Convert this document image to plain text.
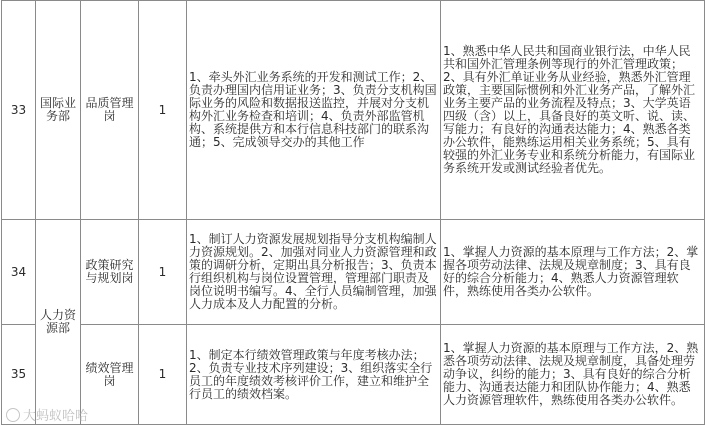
33	国际业务部	品质管理岗	1	1、牵头外汇业务系统的开发和测试工作；2、负责办理国内信用证业务；3、负责分支机构国际业务的风险和数据报送监控，并展对分支机构外汇业务检查和培训；4、负责外部监管机构、系统提供方和本行信息科技部门的联系沟通；5、完成领导交办的其他工作	1、熟悉中华人民共和国商业银行法，中华人民共和国外汇管理条例等现行的外汇管理政策；2、具有外汇单证业务从业经验，熟悉外汇管理政策，主要国际惯例和外汇业务产品，了解外汇业务主要产品的业务流程及特点；3、大学英语四级（含）以上，具备良好的英文听、说、读、写能力；有良好的沟通表达能力；4、熟悉各类办公软件，能熟练运用相关业务系统；5、具有较强的外汇业务专业和系统分析能力，有国际业务系统开发或测试经验者优先。
34	人力资源部	政策研究与规划岗	1	1、制订人力资源发展规划指导分支机构编制人力资源规划。2、加强对同业人力资源管理和政策的调研分析，定期出具分析报告；3、负责本行组织机构与岗位设置管理，管理部门职责及岗位说明书编写。4、全行人员编制管理，加强人力成本及人力配置的分析。	1、掌握人力资源的基本原理与工作方法；2、掌握各项劳动法律、法规及规章制度；3、具有良好的综合分析能力；4、熟悉人力资源管理软件，熟练使用各类办公软件。
35		绩效管理岗	1	1、制定本行绩效管理政策与年度考核办法；2、负责专业技术序列建设；3、组织落实全行员工的年度绩效考核评价工作，建立和维护全行员工的绩效档案。	1、掌握人力资源的基本原理与工作方法，2、熟悉各项劳动法律、法规及规章制度，具备处理劳动争议，纠纷的能力；3、具有良好的综合分析能力、沟通表达能力和团队协作能力；4、熟悉人力资源管理软件，熟练使用各类办公软件。
大蚂蚁哈哈
